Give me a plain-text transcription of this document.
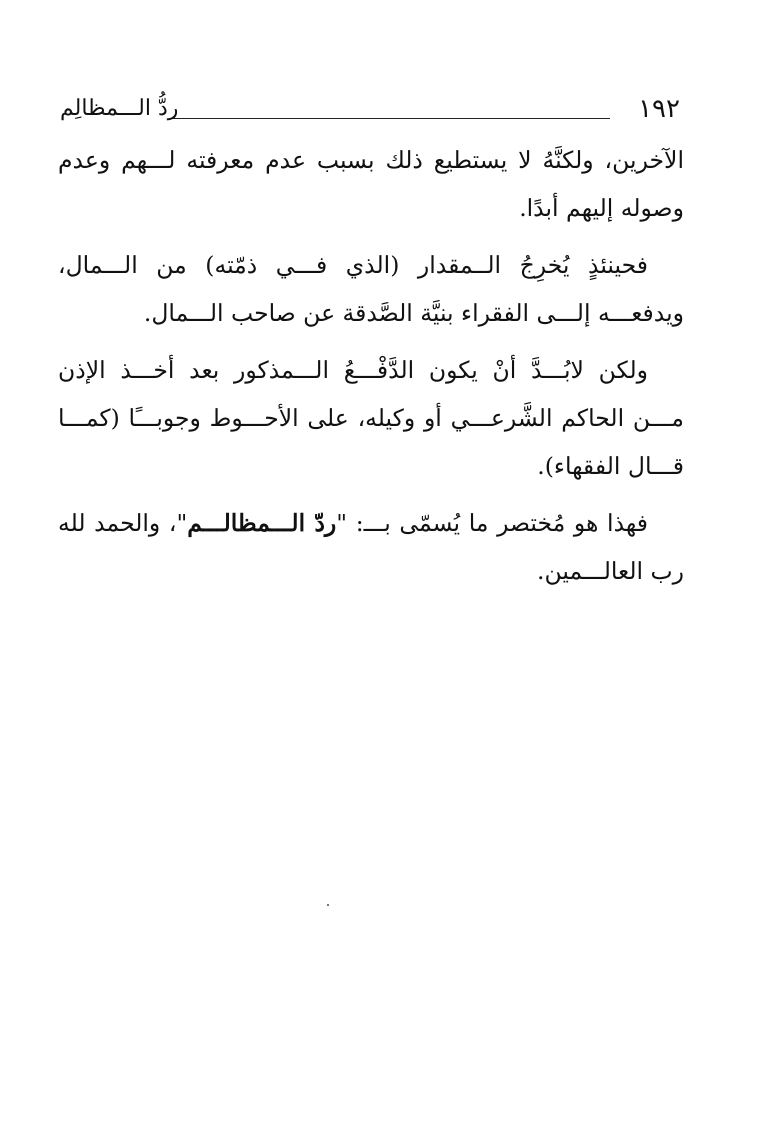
١٩٢
ردُّ الـــمظالِم

الآخرين، ولكنَّهُ لا يستطيع ذلك بسبب عدم معرفته لـــهم وعدم وصوله إليهم أبدًا.

فحينئذٍ يُخرِجُ الــمقدار (الذي فـــي ذمّته) من الـــمال، ويدفعـــه إلـــى الفقراء بنيَّة الصَّدقة عن صاحب الـــمال.

ولكن لابُـــدَّ أنْ يكون الدَّفْـــعُ الـــمذكور بعد أخـــذ الإذن مـــن الحاكم الشَّرعـــي أو وكيله، على الأحـــوط وجوبـــًا (كمـــا قـــال الفقهاء).

فهذا هو مُختصر ما يُسمّى بـــ: "ردّ الـــمظالـــم"، والحمد لله رب العالـــمين.
